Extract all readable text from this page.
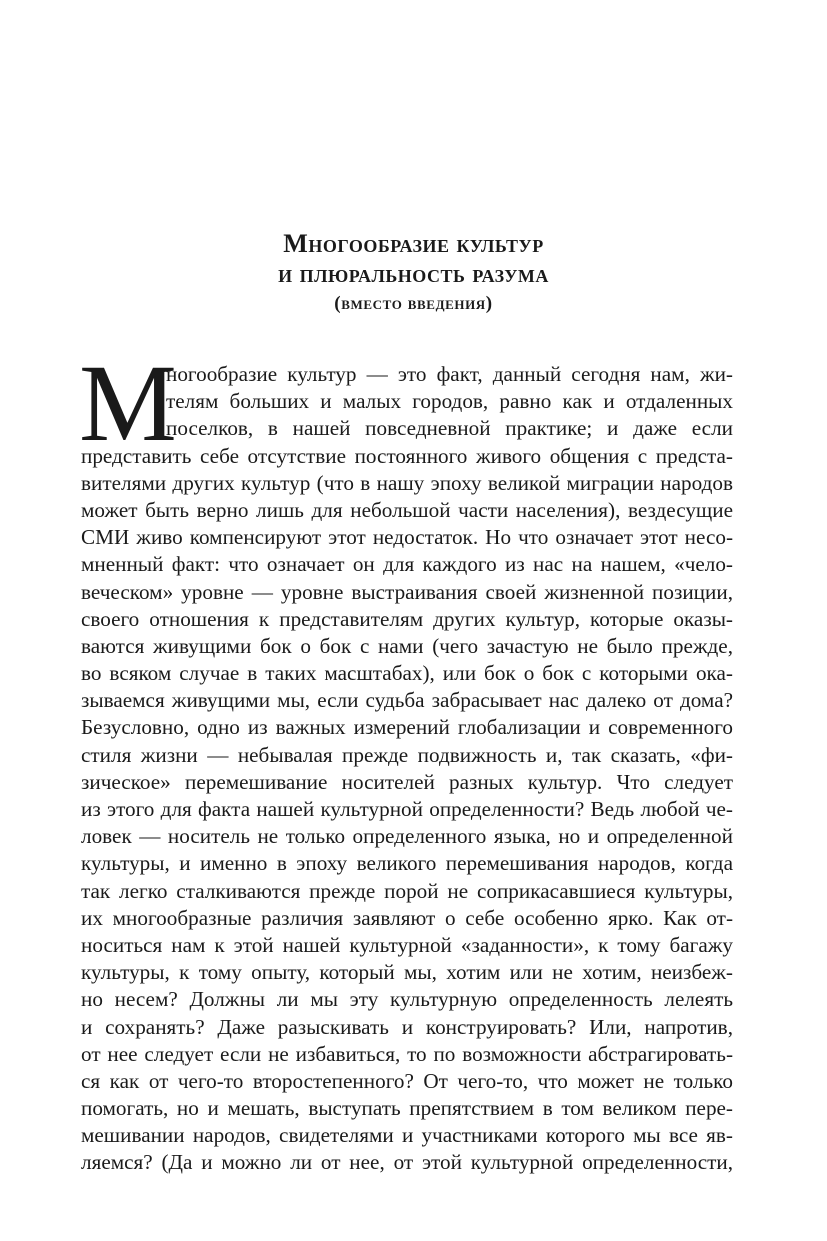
Многообразие культур
и плюральность разума
(вместо введения)
М
ногообразие культур — это факт, данный сегодня нам, жи-
телям больших и малых городов, равно как и отдаленных
поселков, в нашей повседневной практике; и даже если
представить себе отсутствие постоянного живого общения с предста-
вителями других культур (что в нашу эпоху великой миграции народов
может быть верно лишь для небольшой части населения), вездесущие
СМИ живо компенсируют этот недостаток. Но что означает этот несо-
мненный факт: что означает он для каждого из нас на нашем, «чело-
веческом» уровне — уровне выстраивания своей жизненной позиции,
своего отношения к представителям других культур, которые оказы-
ваются живущими бок о бок с нами (чего зачастую не было прежде,
во всяком случае в таких масштабах), или бок о бок с которыми ока-
зываемся живущими мы, если судьба забрасывает нас далеко от дома?
Безусловно, одно из важных измерений глобализации и современного
стиля жизни — небывалая прежде подвижность и, так сказать, «фи-
зическое» перемешивание носителей разных культур. Что следует
из этого для факта нашей культурной определенности? Ведь любой че-
ловек — носитель не только определенного языка, но и определенной
культуры, и именно в эпоху великого перемешивания народов, когда
так легко сталкиваются прежде порой не соприкасавшиеся культуры,
их многообразные различия заявляют о себе особенно ярко. Как от-
носиться нам к этой нашей культурной «заданности», к тому багажу
культуры, к тому опыту, который мы, хотим или не хотим, неизбеж-
но несем? Должны ли мы эту культурную определенность лелеять
и сохранять? Даже разыскивать и конструировать? Или, напротив,
от нее следует если не избавиться, то по возможности абстрагировать-
ся как от чего-то второстепенного? От чего-то, что может не только
помогать, но и мешать, выступать препятствием в том великом пере-
мешивании народов, свидетелями и участниками которого мы все яв-
ляемся? (Да и можно ли от нее, от этой культурной определенности,
